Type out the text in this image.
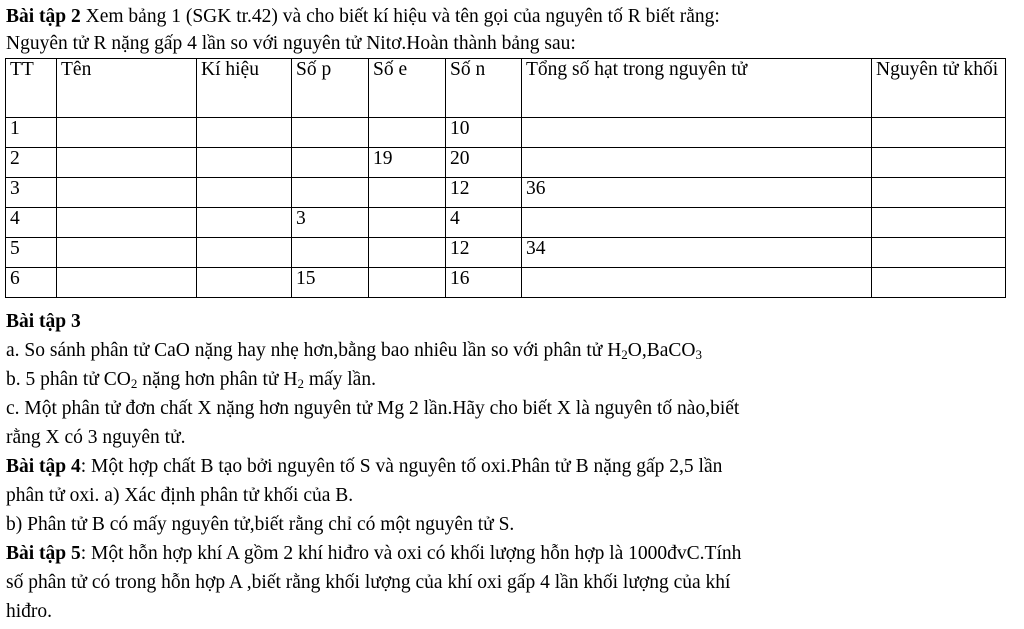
Bài tập 2 Xem bảng 1 (SGK tr.42) và cho biết kí hiệu và tên gọi của nguyên tố R biết rằng:
Nguyên tử R nặng gấp 4 lần so với nguyên tử Nitơ.Hoàn thành bảng sau:
TT	Tên	Kí hiệu	Số p	Số e	Số n	Tổng số hạt trong nguyên tử	Nguyên tử khối
1					10		
2				19	20		
3					12	36	
4			3		4		
5					12	34	
6			15		16		
Bài tập 3
a. So sánh phân tử CaO nặng hay nhẹ hơn,bằng bao nhiêu lần so với phân tử $H_2O,BaCO_3$
b. 5 phân tử $CO_2$ nặng hơn phân tử $H_2$ mấy lần.
c. Một phân tử đơn chất X nặng hơn nguyên tử Mg 2 lần.Hãy cho biết X là nguyên tố nào,biết
rằng X có 3 nguyên tử.
Bài tập 4: Một hợp chất B tạo bởi nguyên tố S và nguyên tố oxi.Phân tử B nặng gấp 2,5 lần
phân tử oxi. a) Xác định phân tử khối của B.
b) Phân tử B có mấy nguyên tử,biết rằng chỉ có một nguyên tử S.
Bài tập 5: Một hỗn hợp khí A gồm 2 khí hiđro và oxi có khối lượng hỗn hợp là 1000đvC.Tính
số phân tử có trong hỗn hợp A ,biết rằng khối lượng của khí oxi gấp 4 lần khối lượng của khí
hiđro.
